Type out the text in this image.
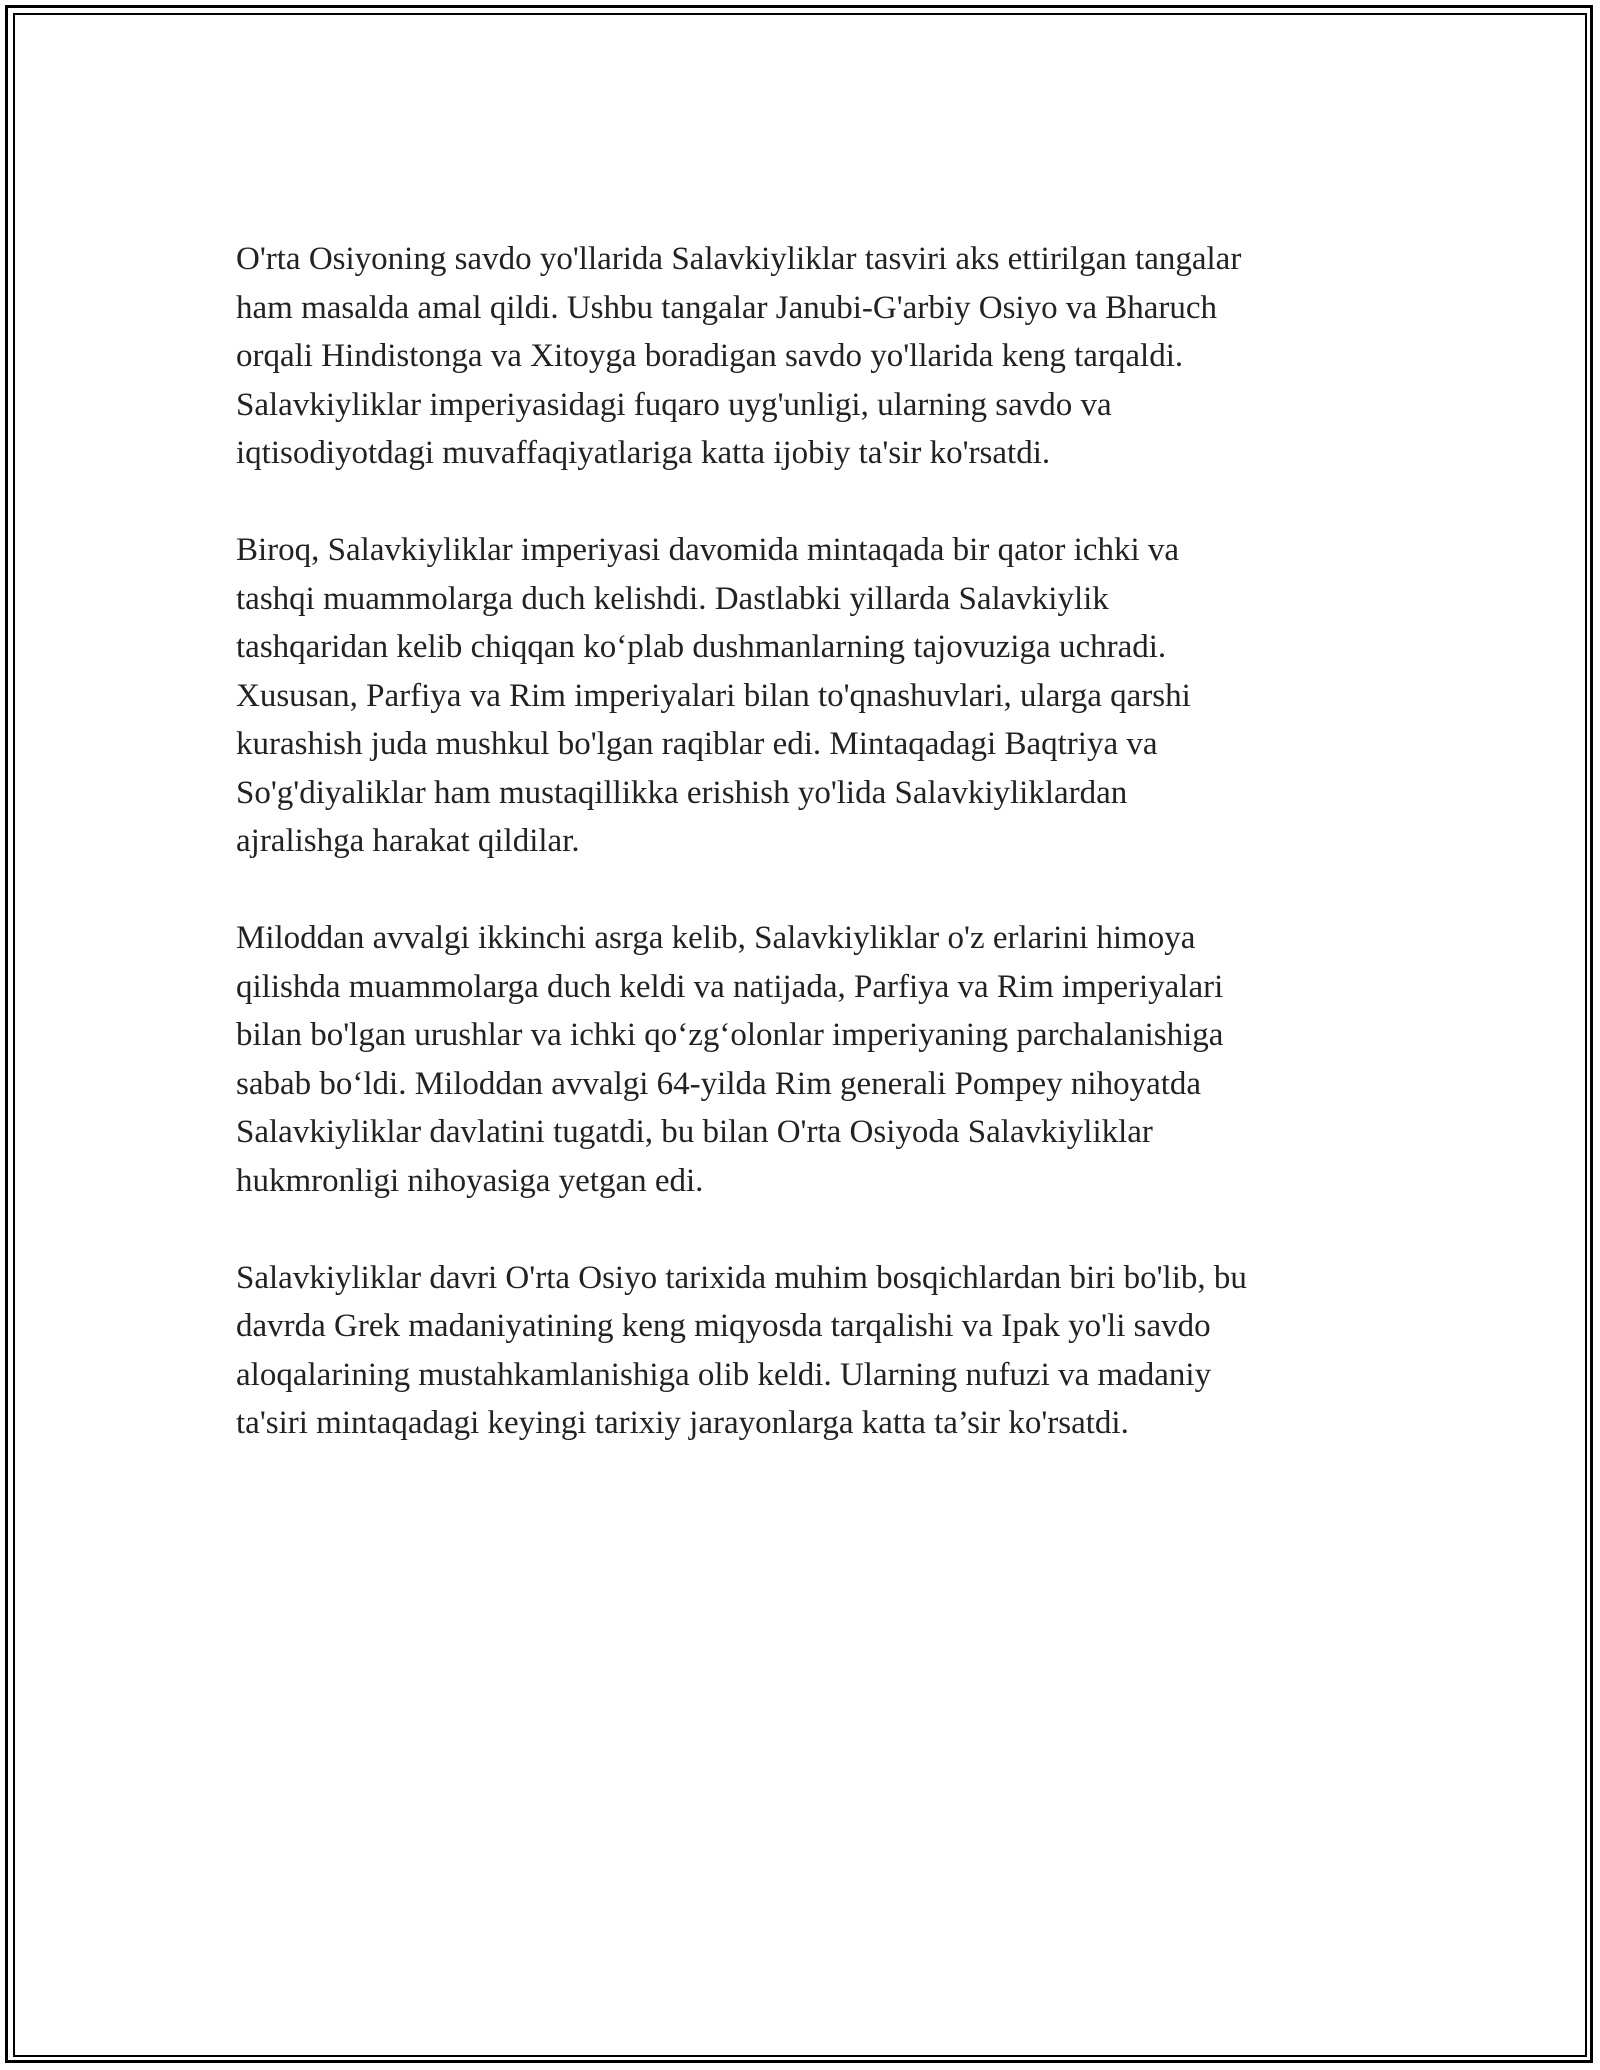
O'rta Osiyoning savdo yo'llarida Salavkiyliklar tasviri aks ettirilgan tangalar
ham masalda amal qildi. Ushbu tangalar Janubi-G'arbiy Osiyo va Bharuch
orqali Hindistonga va Xitoyga boradigan savdo yo'llarida keng tarqaldi.
Salavkiyliklar imperiyasidagi fuqaro uyg'unligi, ularning savdo va
iqtisodiyotdagi muvaffaqiyatlariga katta ijobiy ta'sir ko'rsatdi.

Biroq, Salavkiyliklar imperiyasi davomida mintaqada bir qator ichki va
tashqi muammolarga duch kelishdi. Dastlabki yillarda Salavkiylik
tashqaridan kelib chiqqan ko‘plab dushmanlarning tajovuziga uchradi.
Xususan, Parfiya va Rim imperiyalari bilan to'qnashuvlari, ularga qarshi
kurashish juda mushkul bo'lgan raqiblar edi. Mintaqadagi Baqtriya va
So'g'diyaliklar ham mustaqillikka erishish yo'lida Salavkiyliklardan
ajralishga harakat qildilar.

Miloddan avvalgi ikkinchi asrga kelib, Salavkiyliklar o'z erlarini himoya
qilishda muammolarga duch keldi va natijada, Parfiya va Rim imperiyalari
bilan bo'lgan urushlar va ichki qo‘zg‘olonlar imperiyaning parchalanishiga
sabab bo‘ldi. Miloddan avvalgi 64-yilda Rim generali Pompey nihoyatda
Salavkiyliklar davlatini tugatdi, bu bilan O'rta Osiyoda Salavkiyliklar
hukmronligi nihoyasiga yetgan edi.

Salavkiyliklar davri O'rta Osiyo tarixida muhim bosqichlardan biri bo'lib, bu
davrda Grek madaniyatining keng miqyosda tarqalishi va Ipak yo'li savdo
aloqalarining mustahkamlanishiga olib keldi. Ularning nufuzi va madaniy
ta'siri mintaqadagi keyingi tarixiy jarayonlarga katta ta’sir ko'rsatdi.
